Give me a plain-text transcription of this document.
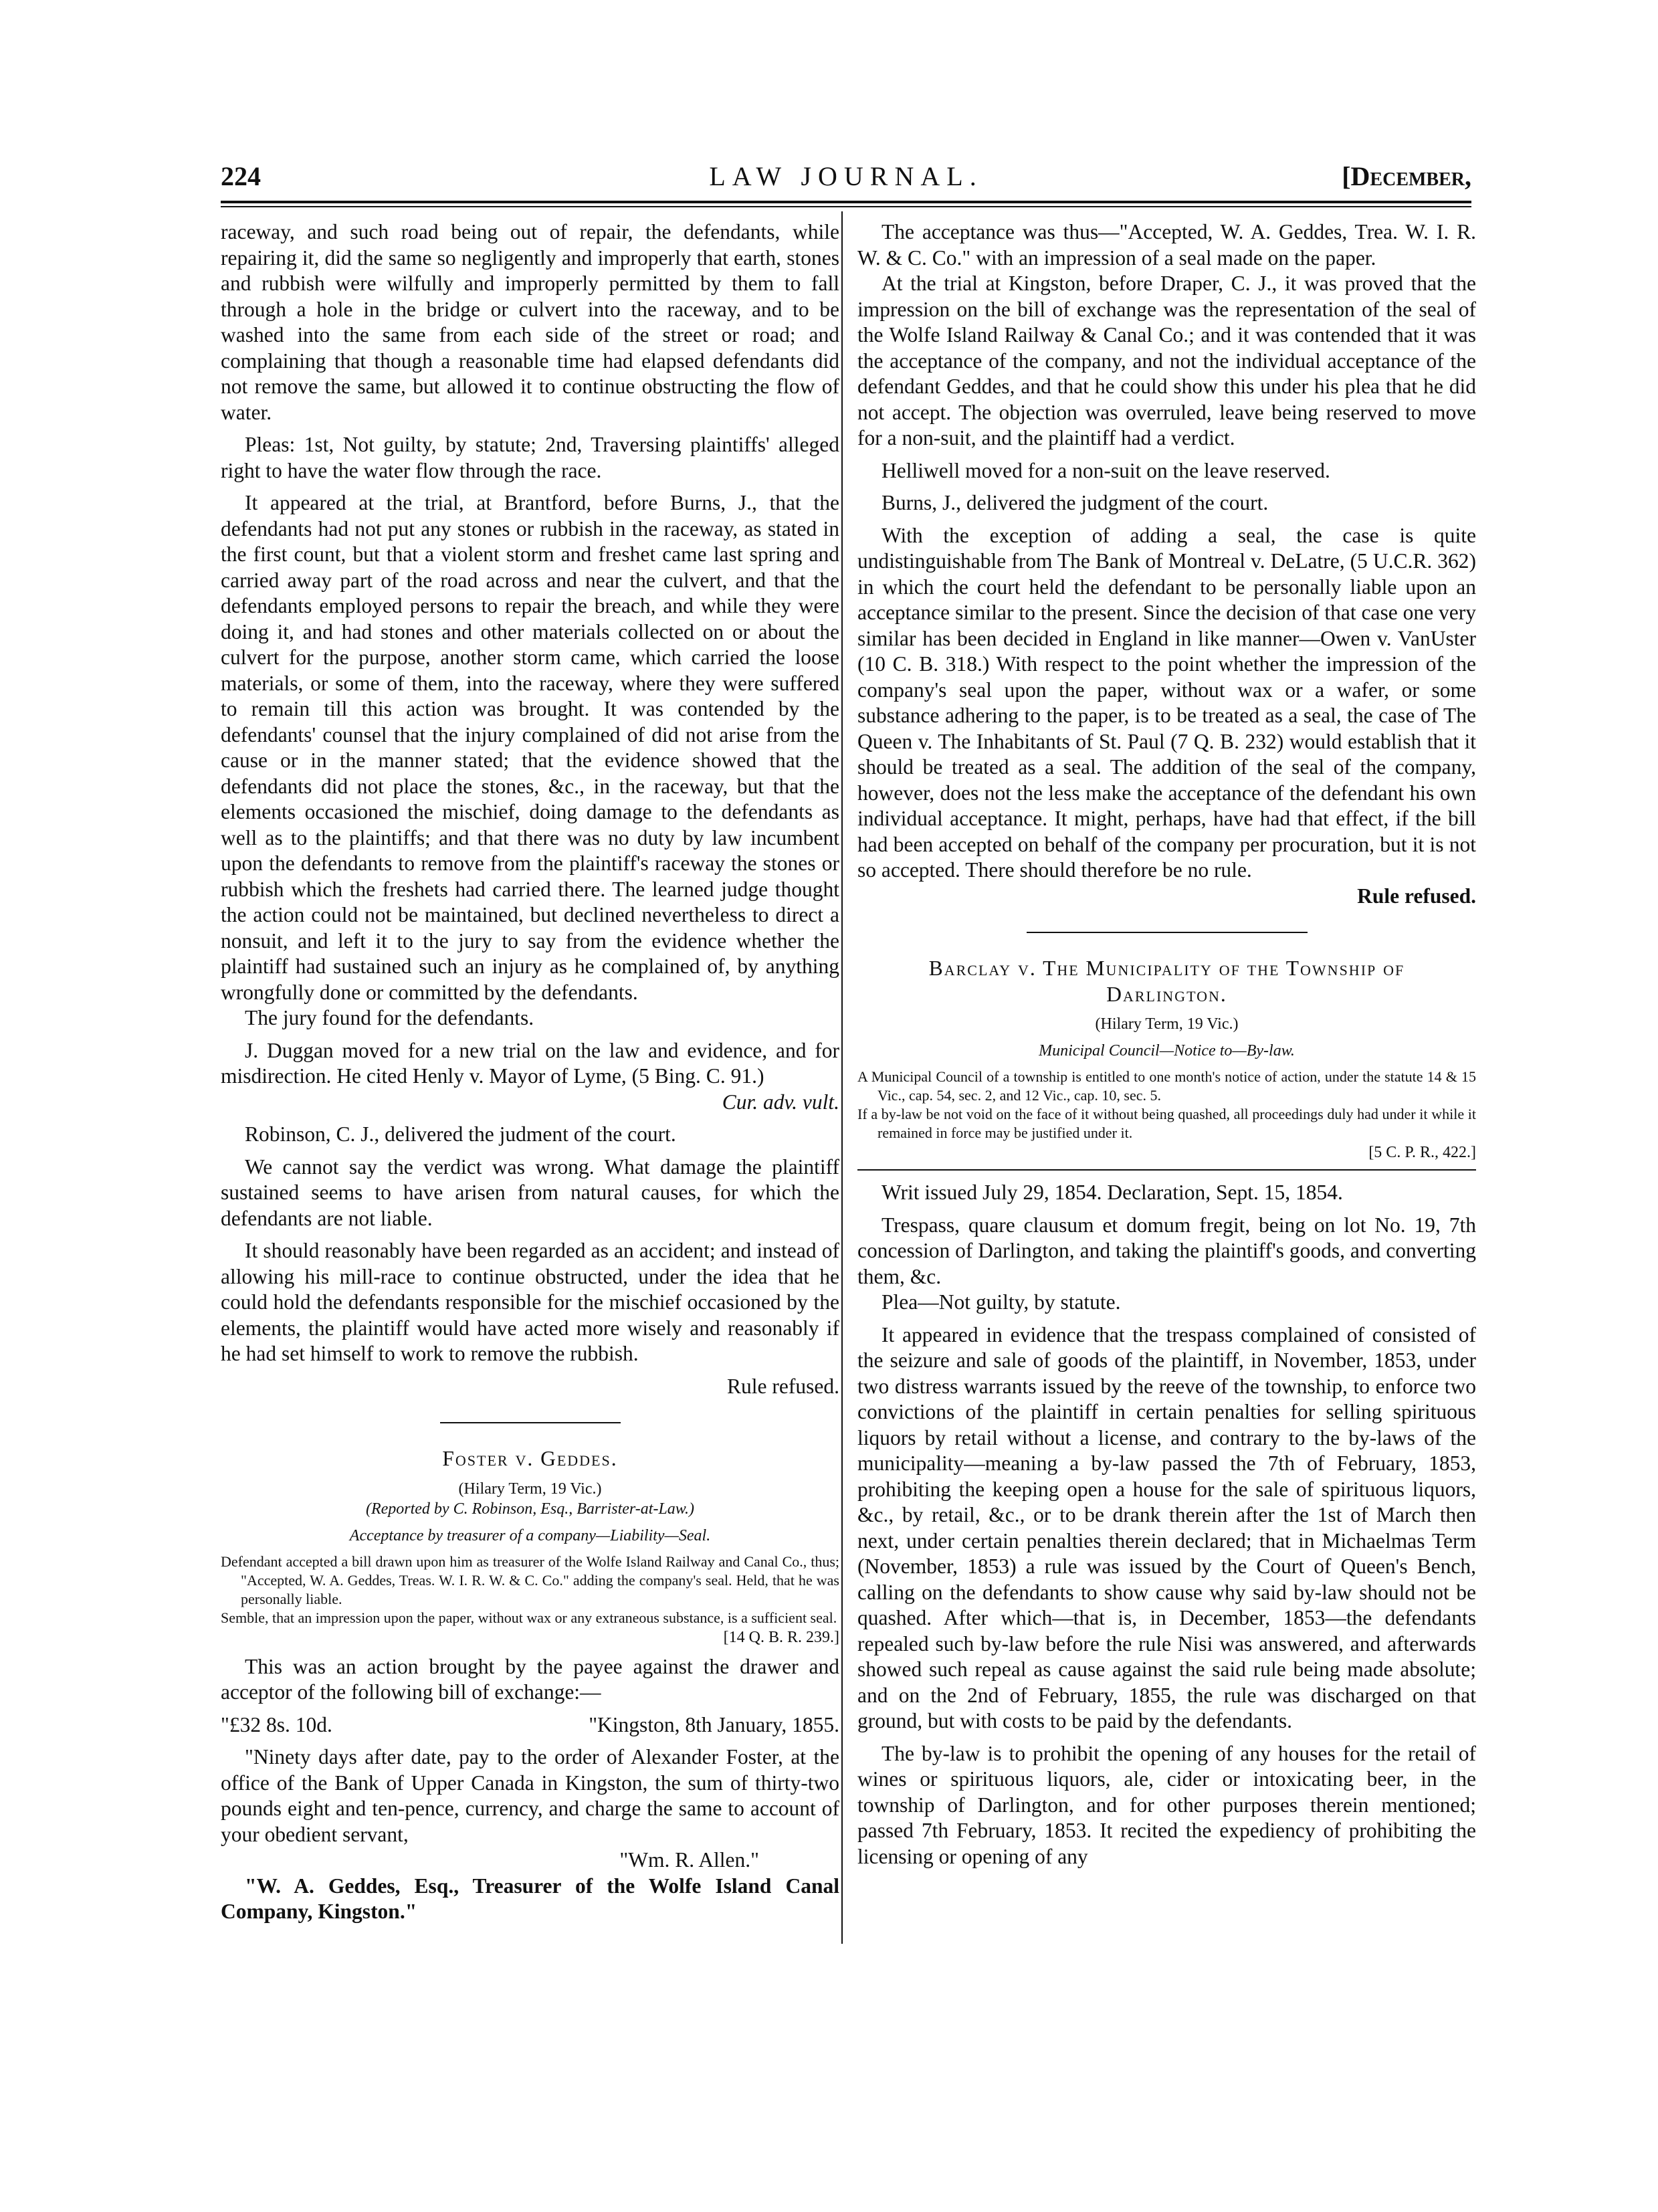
224	LAW JOURNAL.	[December,

raceway, and such road being out of repair, the defendants, while repairing it, did the same so negligently and improperly that earth, stones and rubbish were wilfully and improperly permitted by them to fall through a hole in the bridge or culvert into the raceway, and to be washed into the same from each side of the street or road; and complaining that though a reasonable time had elapsed defendants did not remove the same, but allowed it to continue obstructing the flow of water.

Pleas: 1st, Not guilty, by statute; 2nd, Traversing plaintiffs' alleged right to have the water flow through the race.

It appeared at the trial, at Brantford, before Burns, J., that the defendants had not put any stones or rubbish in the raceway, as stated in the first count, but that a violent storm and freshet came last spring and carried away part of the road across and near the culvert, and that the defendants employed persons to repair the breach, and while they were doing it, and had stones and other materials collected on or about the culvert for the purpose, another storm came, which carried the loose materials, or some of them, into the raceway, where they were suffered to remain till this action was brought. It was contended by the defendants' counsel that the injury complained of did not arise from the cause or in the manner stated; that the evidence showed that the defendants did not place the stones, &c., in the raceway, but that the elements occasioned the mischief, doing damage to the defendants as well as to the plaintiffs; and that there was no duty by law incumbent upon the defendants to remove from the plaintiff's raceway the stones or rubbish which the freshets had carried there. The learned judge thought the action could not be maintained, but declined nevertheless to direct a nonsuit, and left it to the jury to say from the evidence whether the plaintiff had sustained such an injury as he complained of, by anything wrongfully done or committed by the defendants.

The jury found for the defendants.

J. Duggan moved for a new trial on the law and evidence, and for misdirection. He cited Henly v. Mayor of Lyme, (5 Bing. C. 91.)

Cur. adv. vult.

Robinson, C. J., delivered the judment of the court.

We cannot say the verdict was wrong. What damage the plaintiff sustained seems to have arisen from natural causes, for which the defendants are not liable.

It should reasonably have been regarded as an accident; and instead of allowing his mill-race to continue obstructed, under the idea that he could hold the defendants responsible for the mischief occasioned by the elements, the plaintiff would have acted more wisely and reasonably if he had set himself to work to remove the rubbish.

Rule refused.

Foster v. Geddes.

(Hilary Term, 19 Vic.)

(Reported by C. Robinson, Esq., Barrister-at-Law.)

Acceptance by treasurer of a company—Liability—Seal.

Defendant accepted a bill drawn upon him as treasurer of the Wolfe Island Railway and Canal Co., thus; "Accepted, W. A. Geddes, Treas. W. I. R. W. & C. Co." adding the company's seal. Held, that he was personally liable.

Semble, that an impression upon the paper, without wax or any extraneous substance, is a sufficient seal.

[14 Q. B. R. 239.]

This was an action brought by the payee against the drawer and acceptor of the following bill of exchange:—

"£32 8s. 10d.	"Kingston, 8th January, 1855.

"Ninety days after date, pay to the order of Alexander Foster, at the office of the Bank of Upper Canada in Kingston, the sum of thirty-two pounds eight and ten-pence, currency, and charge the same to account of your obedient servant,

"Wm. R. Allen."

"W. A. Geddes, Esq., Treasurer of the Wolfe Island Canal Company, Kingston."

The acceptance was thus—"Accepted, W. A. Geddes, Trea. W. I. R. W. & C. Co." with an impression of a seal made on the paper.

At the trial at Kingston, before Draper, C. J., it was proved that the impression on the bill of exchange was the representation of the seal of the Wolfe Island Railway & Canal Co.; and it was contended that it was the acceptance of the company, and not the individual acceptance of the defendant Geddes, and that he could show this under his plea that he did not accept. The objection was overruled, leave being reserved to move for a non-suit, and the plaintiff had a verdict.

Helliwell moved for a non-suit on the leave reserved.

Burns, J., delivered the judgment of the court.

With the exception of adding a seal, the case is quite undistinguishable from The Bank of Montreal v. DeLatre, (5 U.C.R. 362) in which the court held the defendant to be personally liable upon an acceptance similar to the present. Since the decision of that case one very similar has been decided in England in like manner—Owen v. VanUster (10 C. B. 318.) With respect to the point whether the impression of the company's seal upon the paper, without wax or a wafer, or some substance adhering to the paper, is to be treated as a seal, the case of The Queen v. The Inhabitants of St. Paul (7 Q. B. 232) would establish that it should be treated as a seal. The addition of the seal of the company, however, does not the less make the acceptance of the defendant his own individual acceptance. It might, perhaps, have had that effect, if the bill had been accepted on behalf of the company per procuration, but it is not so accepted. There should therefore be no rule.

Rule refused.

Barclay v. The Municipality of the Township of

Darlington.

(Hilary Term, 19 Vic.)

Municipal Council—Notice to—By-law.

A Municipal Council of a township is entitled to one month's notice of action, under the statute 14 & 15 Vic., cap. 54, sec. 2, and 12 Vic., cap. 10, sec. 5.

If a by-law be not void on the face of it without being quashed, all proceedings duly had under it while it remained in force may be justified under it.

[5 C. P. R., 422.]

Writ issued July 29, 1854. Declaration, Sept. 15, 1854.

Trespass, quare clausum et domum fregit, being on lot No. 19, 7th concession of Darlington, and taking the plaintiff's goods, and converting them, &c.

Plea—Not guilty, by statute.

It appeared in evidence that the trespass complained of consisted of the seizure and sale of goods of the plaintiff, in November, 1853, under two distress warrants issued by the reeve of the township, to enforce two convictions of the plaintiff in certain penalties for selling spirituous liquors by retail without a license, and contrary to the by-laws of the municipality—meaning a by-law passed the 7th of February, 1853, prohibiting the keeping open a house for the sale of spirituous liquors, &c., by retail, &c., or to be drank therein after the 1st of March then next, under certain penalties therein declared; that in Michaelmas Term (November, 1853) a rule was issued by the Court of Queen's Bench, calling on the defendants to show cause why said by-law should not be quashed. After which—that is, in December, 1853—the defendants repealed such by-law before the rule Nisi was answered, and afterwards showed such repeal as cause against the said rule being made absolute; and on the 2nd of February, 1855, the rule was discharged on that ground, but with costs to be paid by the defendants.

The by-law is to prohibit the opening of any houses for the retail of wines or spirituous liquors, ale, cider or intoxicating beer, in the township of Darlington, and for other purposes therein mentioned; passed 7th February, 1853. It recited the expediency of prohibiting the licensing or opening of any
